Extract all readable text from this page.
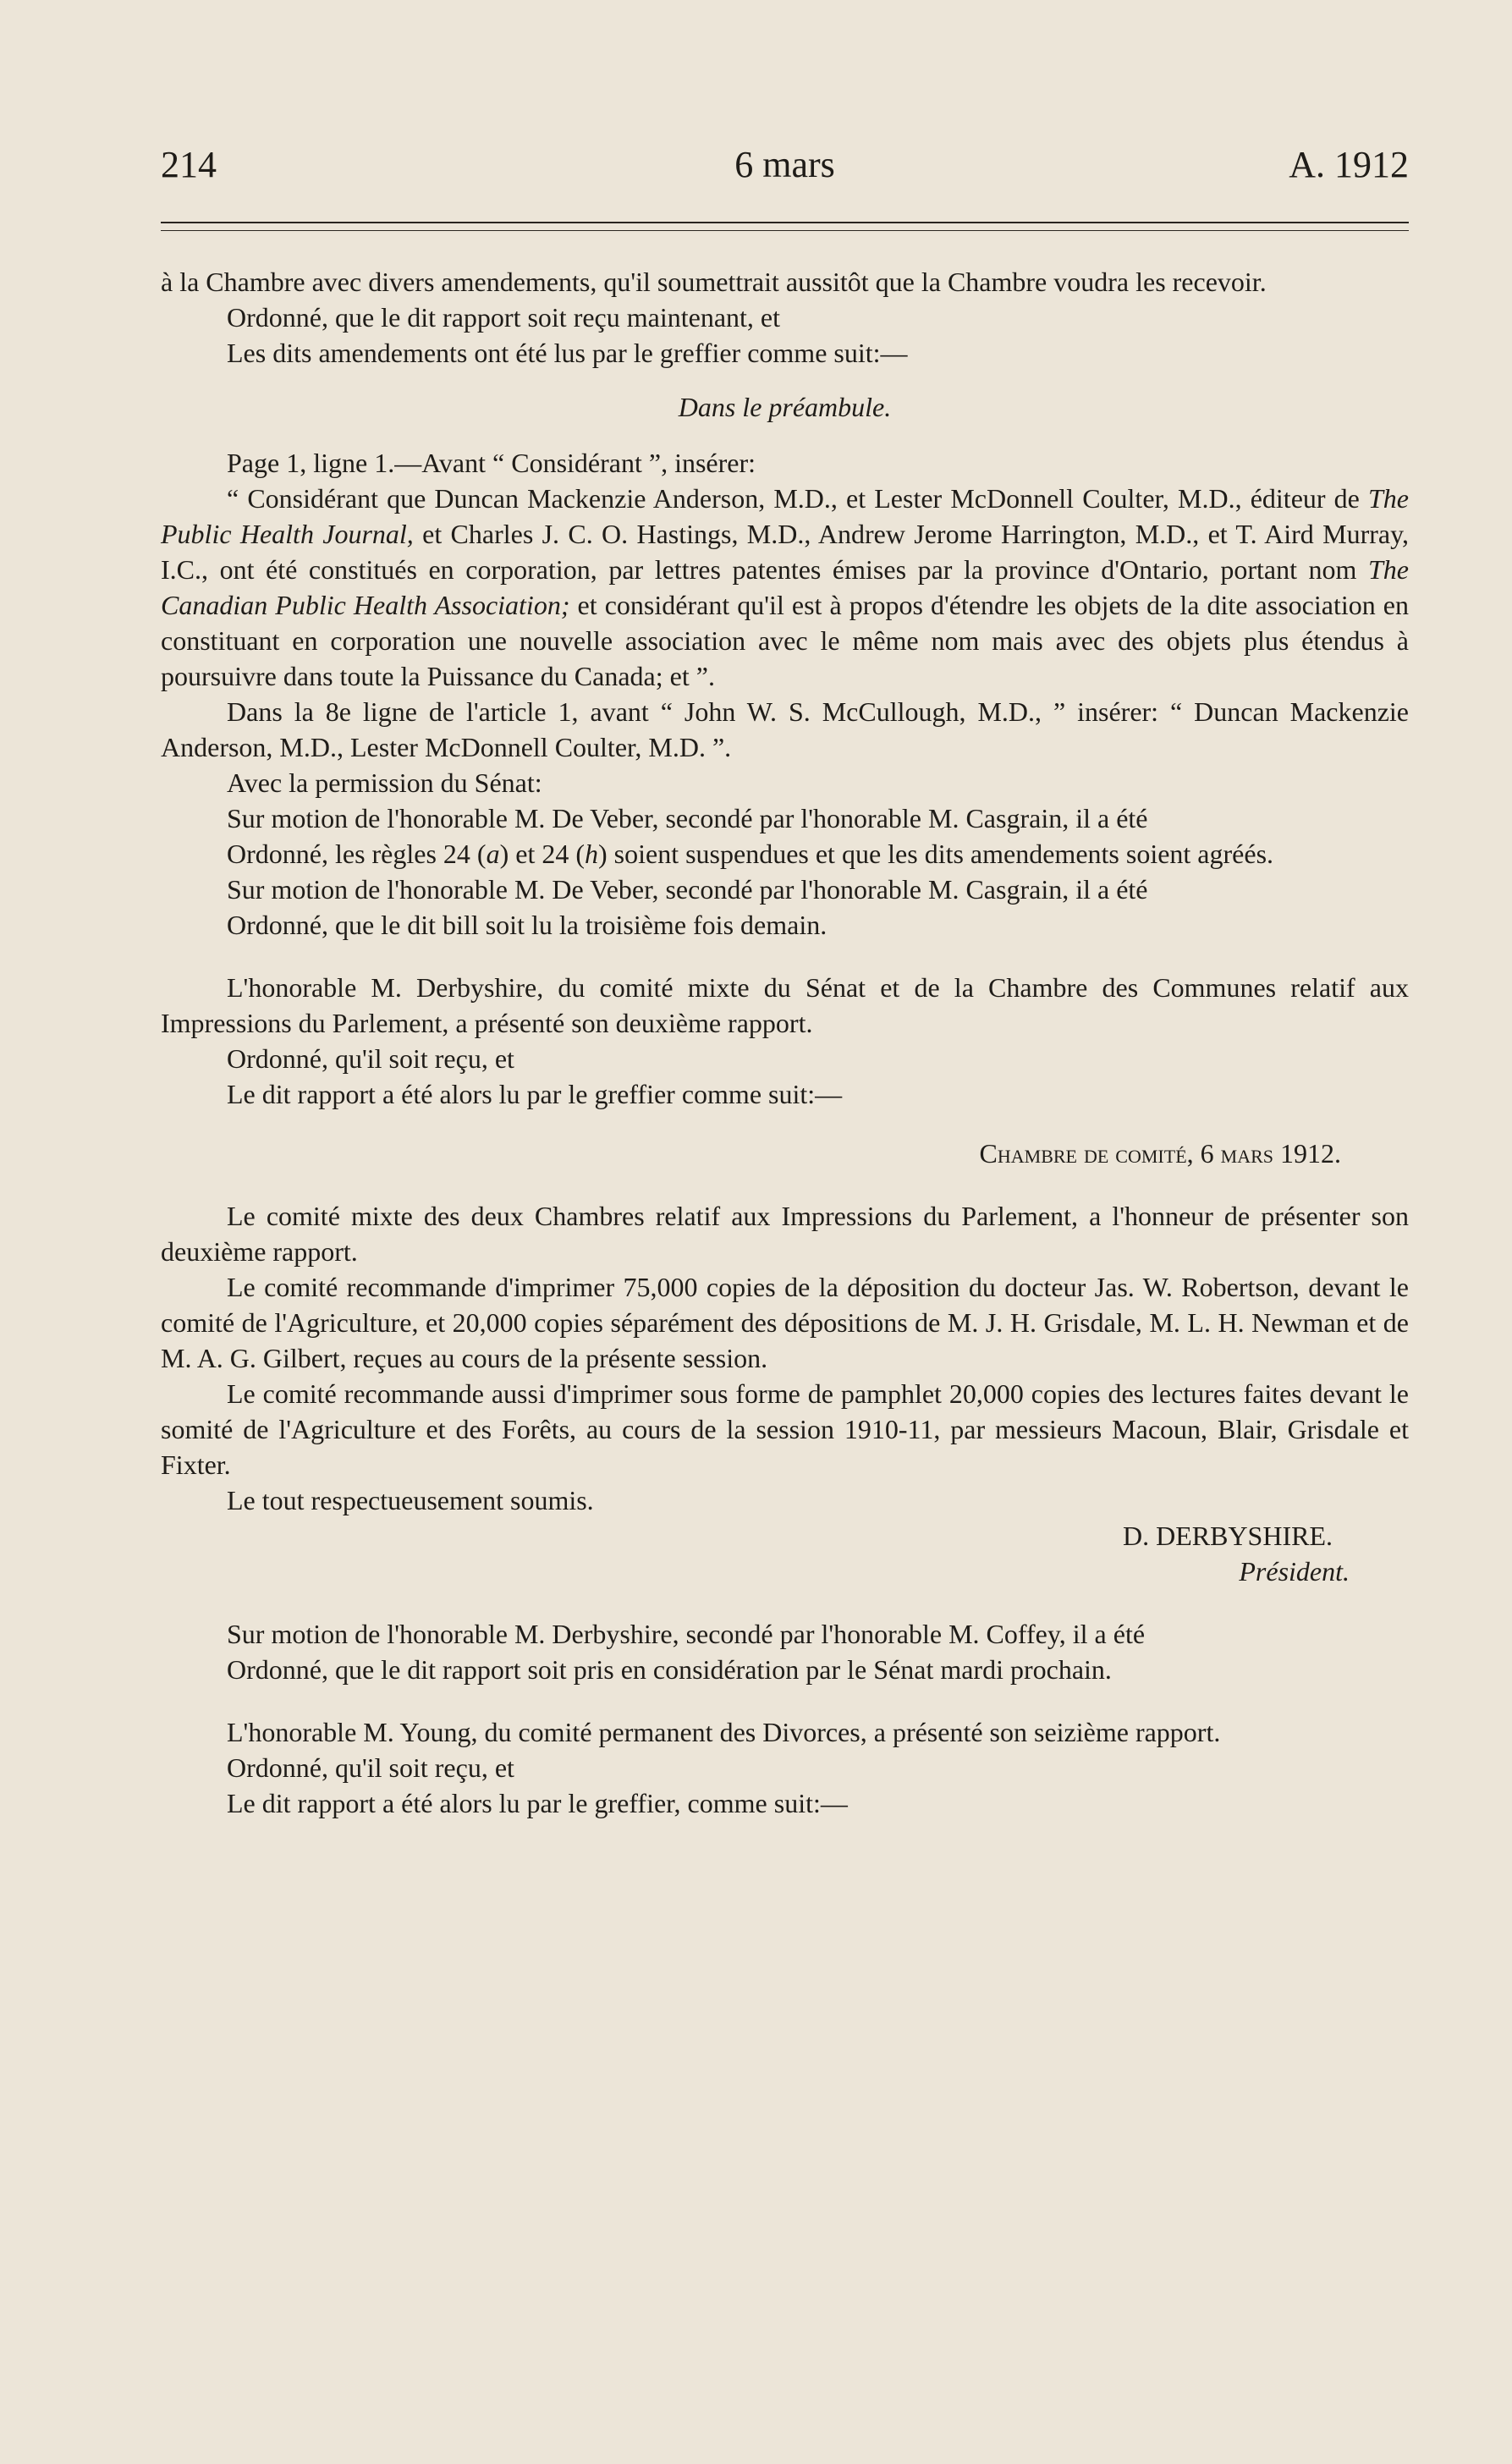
214	6 mars	A. 1912

à la Chambre avec divers amendements, qu'il soumettrait aussitôt que la Chambre voudra les recevoir.

Ordonné, que le dit rapport soit reçu maintenant, et

Les dits amendements ont été lus par le greffier comme suit:—

Dans le préambule.

Page 1, ligne 1.—Avant “ Considérant ”, insérer:

“ Considérant que Duncan Mackenzie Anderson, M.D., et Lester McDonnell Coulter, M.D., éditeur de The Public Health Journal, et Charles J. C. O. Hastings, M.D., Andrew Jerome Harrington, M.D., et T. Aird Murray, I.C., ont été constitués en corporation, par lettres patentes émises par la province d'Ontario, portant nom The Canadian Public Health Association; et considérant qu'il est à propos d'étendre les objets de la dite association en constituant en corporation une nouvelle association avec le même nom mais avec des objets plus étendus à poursuivre dans toute la Puissance du Canada; et ”.

Dans la 8e ligne de l'article 1, avant “ John W. S. McCullough, M.D., ” insérer: “ Duncan Mackenzie Anderson, M.D., Lester McDonnell Coulter, M.D. ”.

Avec la permission du Sénat:

Sur motion de l'honorable M. De Veber, secondé par l'honorable M. Casgrain, il a été

Ordonné, les règles 24 (a) et 24 (h) soient suspendues et que les dits amendements soient agréés.

Sur motion de l'honorable M. De Veber, secondé par l'honorable M. Casgrain, il a été

Ordonné, que le dit bill soit lu la troisième fois demain.

L'honorable M. Derbyshire, du comité mixte du Sénat et de la Chambre des Communes relatif aux Impressions du Parlement, a présenté son deuxième rapport.

Ordonné, qu'il soit reçu, et

Le dit rapport a été alors lu par le greffier comme suit:—

Chambre de comité, 6 mars 1912.

Le comité mixte des deux Chambres relatif aux Impressions du Parlement, a l'honneur de présenter son deuxième rapport.

Le comité recommande d'imprimer 75,000 copies de la déposition du docteur Jas. W. Robertson, devant le comité de l'Agriculture, et 20,000 copies séparément des dépositions de M. J. H. Grisdale, M. L. H. Newman et de M. A. G. Gilbert, reçues au cours de la présente session.

Le comité recommande aussi d'imprimer sous forme de pamphlet 20,000 copies des lectures faites devant le somité de l'Agriculture et des Forêts, au cours de la session 1910-11, par messieurs Macoun, Blair, Grisdale et Fixter.

Le tout respectueusement soumis.

D. DERBYSHIRE.

Président.

Sur motion de l'honorable M. Derbyshire, secondé par l'honorable M. Coffey, il a été

Ordonné, que le dit rapport soit pris en considération par le Sénat mardi prochain.

L'honorable M. Young, du comité permanent des Divorces, a présenté son seizième rapport.

Ordonné, qu'il soit reçu, et

Le dit rapport a été alors lu par le greffier, comme suit:—
